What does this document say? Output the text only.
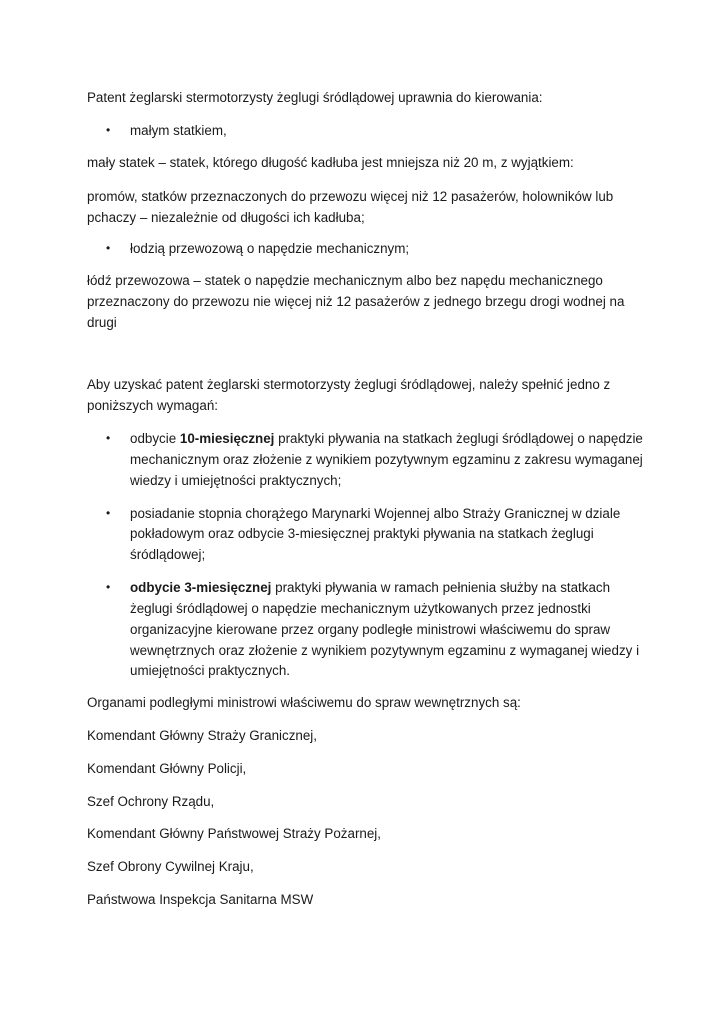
Patent żeglarski stermotorzysty żeglugi śródlądowej uprawnia do kierowania:
• małym statkiem,
mały statek – statek, którego długość kadłuba jest mniejsza niż 20 m, z wyjątkiem:
promów, statków przeznaczonych do przewozu więcej niż 12 pasażerów, holowników lub
pchaczy – niezależnie od długości ich kadłuba;
• łodzią przewozową o napędzie mechanicznym;
łódź przewozowa – statek o napędzie mechanicznym albo bez napędu mechanicznego
przeznaczony do przewozu nie więcej niż 12 pasażerów z jednego brzegu drogi wodnej na
drugi
Aby uzyskać patent żeglarski stermotorzysty żeglugi śródlądowej, należy spełnić jedno z
poniższych wymagań:
• odbycie 10-miesięcznej praktyki pływania na statkach żeglugi śródlądowej o napędzie
mechanicznym oraz złożenie z wynikiem pozytywnym egzaminu z zakresu wymaganej
wiedzy i umiejętności praktycznych;
• posiadanie stopnia chorążego Marynarki Wojennej albo Straży Granicznej w dziale
pokładowym oraz odbycie 3-miesięcznej praktyki pływania na statkach żeglugi
śródlądowej;
• odbycie 3-miesięcznej praktyki pływania w ramach pełnienia służby na statkach
żeglugi śródlądowej o napędzie mechanicznym użytkowanych przez jednostki
organizacyjne kierowane przez organy podległe ministrowi właściwemu do spraw
wewnętrznych oraz złożenie z wynikiem pozytywnym egzaminu z wymaganej wiedzy i
umiejętności praktycznych.
Organami podległymi ministrowi właściwemu do spraw wewnętrznych są:
Komendant Główny Straży Granicznej,
Komendant Główny Policji,
Szef Ochrony Rządu,
Komendant Główny Państwowej Straży Pożarnej,
Szef Obrony Cywilnej Kraju,
Państwowa Inspekcja Sanitarna MSW
